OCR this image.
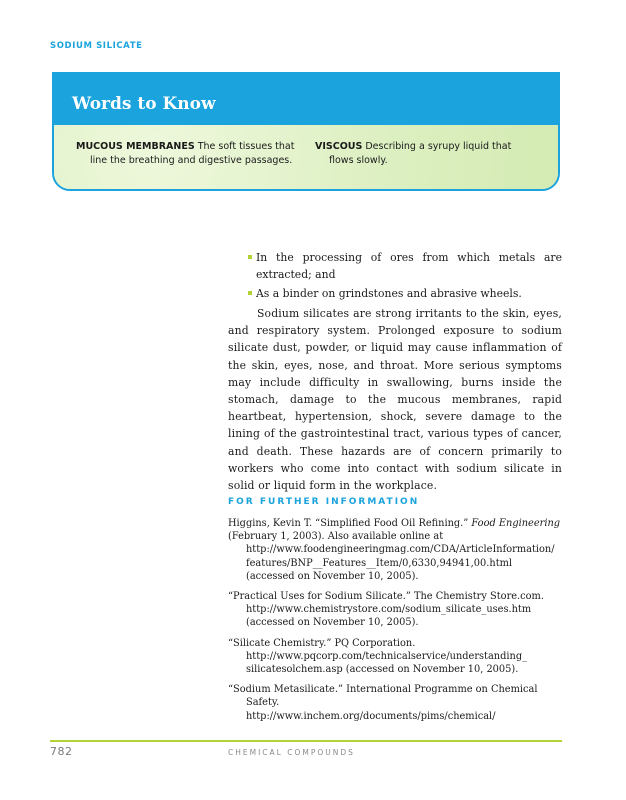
SODIUM SILICATE
Words to Know
MUCOUS MEMBRANES The soft tissues that
line the breathing and digestive passages.
VISCOUS Describing a syrupy liquid that
flows slowly.
In the processing of ores from which metals are extracted; and
As a binder on grindstones and abrasive wheels.
Sodium silicates are strong irritants to the skin, eyes, and respiratory system. Prolonged exposure to sodium silicate dust, powder, or liquid may cause inflammation of the skin, eyes, nose, and throat. More serious symptoms may include difficulty in swallowing, burns inside the stomach, damage to the mucous membranes, rapid heartbeat, hypertension, shock, severe damage to the lining of the gastrointestinal tract, various types of cancer, and death. These hazards are of concern primarily to workers who come into contact with sodium silicate in solid or liquid form in the workplace.
FOR FURTHER INFORMATION
Higgins, Kevin T. “Simplified Food Oil Refining.” Food Engineering (February 1, 2003). Also available online at
http://www.foodengineeringmag.com/CDA/ArticleInformation/
features/BNP__Features__Item/0,6330,94941,00.html
(accessed on November 10, 2005).
“Practical Uses for Sodium Silicate.” The Chemistry Store.com.
http://www.chemistrystore.com/sodium_silicate_uses.htm
(accessed on November 10, 2005).
“Silicate Chemistry.” PQ Corporation.
http://www.pqcorp.com/technicalservice/understanding_
silicatesolchem.asp (accessed on November 10, 2005).
“Sodium Metasilicate.” International Programme on Chemical
Safety.
http://www.inchem.org/documents/pims/chemical/
782	CHEMICAL COMPOUNDS
